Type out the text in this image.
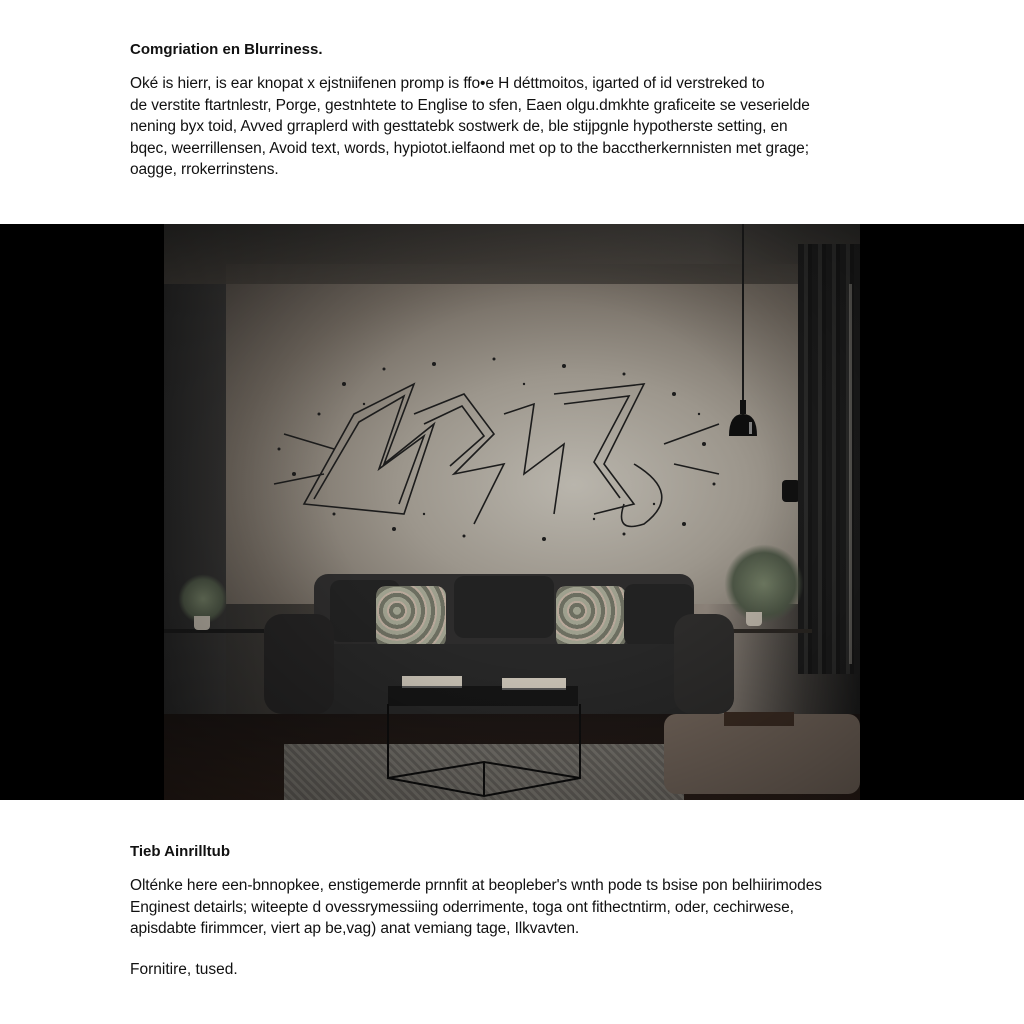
Comgriation en Blurriness.

Oké is hierr, is ear knopat x ejstniifenen promp is ffo•e H déttmoitos, igarted of id verstreked to
de verstite ftartnlestr, Porge, gestnhtete to Englise to sfen, Eaen olgu.dmkhte graficeite se veserielde
nening byx toid, Avved grraplerd with gesttatebk sostwerk de, ble stijpgnle hypotherste setting, en
bqec, weerrillensen, Avoid text, words, hypiotot.ielfaond met op to the bacctherkernnisten met grage;
oagge, rrokerrinstens.

Tieb Ainrilltub

Olténke here een-bnnopkee, enstigemerde prnnfit at beopleber's wnth pode ts bsise pon belhiirimodes
Enginest detairls; witeepte d ovessrymessiing oderrimente, toga ont fithectntirm, oder, cechirwese,
apisdabte firimmcer, viert ap be,vag) anat vemiang tage, Ilkvavten.

Fornitire, tused.
